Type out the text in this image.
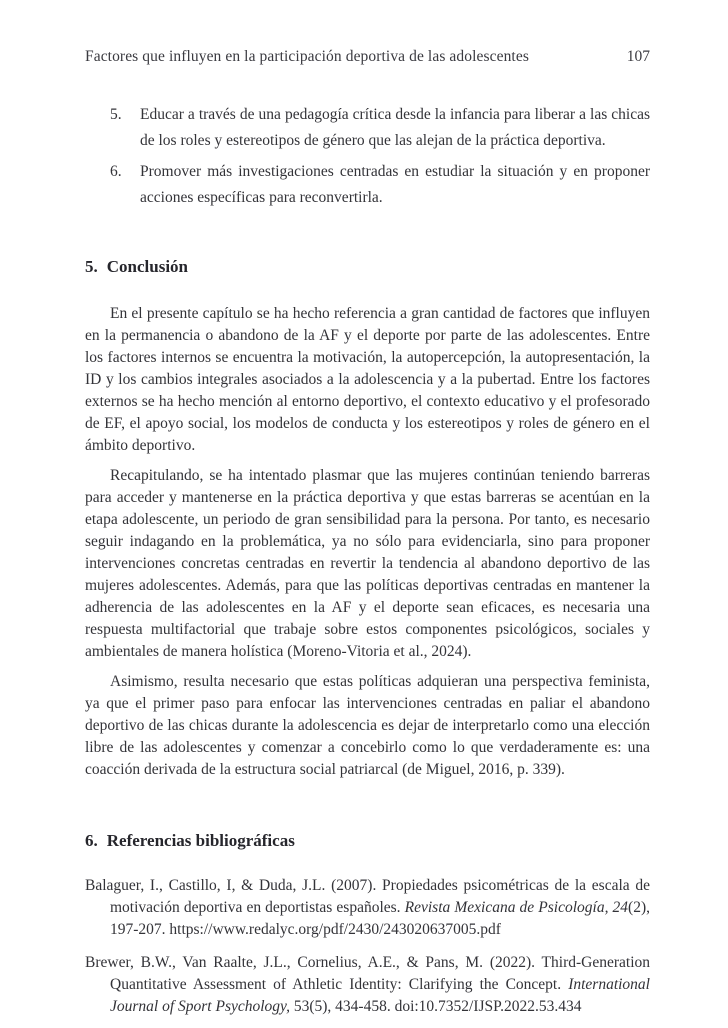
Factores que influyen en la participación deportiva de las adolescentes	107
5.	Educar a través de una pedagogía crítica desde la infancia para liberar a las chicas de los roles y estereotipos de género que las alejan de la práctica deportiva.
6.	Promover más investigaciones centradas en estudiar la situación y en proponer acciones específicas para reconvertirla.
5. Conclusión

En el presente capítulo se ha hecho referencia a gran cantidad de factores que influyen en la permanencia o abandono de la AF y el deporte por parte de las adolescentes. Entre los factores internos se encuentra la motivación, la autopercepción, la autopresentación, la ID y los cambios integrales asociados a la adolescencia y a la pubertad. Entre los factores externos se ha hecho mención al entorno deportivo, el contexto educativo y el profesorado de EF, el apoyo social, los modelos de conducta y los estereotipos y roles de género en el ámbito deportivo.

Recapitulando, se ha intentado plasmar que las mujeres continúan teniendo barreras para acceder y mantenerse en la práctica deportiva y que estas barreras se acentúan en la etapa adolescente, un periodo de gran sensibilidad para la persona. Por tanto, es necesario seguir indagando en la problemática, ya no sólo para evidenciarla, sino para proponer intervenciones concretas centradas en revertir la tendencia al abandono deportivo de las mujeres adolescentes. Además, para que las políticas deportivas centradas en mantener la adherencia de las adolescentes en la AF y el deporte sean eficaces, es necesaria una respuesta multifactorial que trabaje sobre estos componentes psicológicos, sociales y ambientales de manera holística (Moreno-Vitoria et al., 2024).

Asimismo, resulta necesario que estas políticas adquieran una perspectiva feminista, ya que el primer paso para enfocar las intervenciones centradas en paliar el abandono deportivo de las chicas durante la adolescencia es dejar de interpretarlo como una elección libre de las adolescentes y comenzar a concebirlo como lo que verdaderamente es: una coacción derivada de la estructura social patriarcal (de Miguel, 2016, p. 339).

6. Referencias bibliográficas

Balaguer, I., Castillo, I, & Duda, J.L. (2007). Propiedades psicométricas de la escala de motivación deportiva en deportistas españoles. Revista Mexicana de Psicología, 24(2), 197-207. https://www.redalyc.org/pdf/2430/243020637005.pdf

Brewer, B.W., Van Raalte, J.L., Cornelius, A.E., & Pans, M. (2022). Third-Generation Quantitative Assessment of Athletic Identity: Clarifying the Concept. International Journal of Sport Psychology, 53(5), 434-458. doi:10.7352/IJSP.2022.53.434
